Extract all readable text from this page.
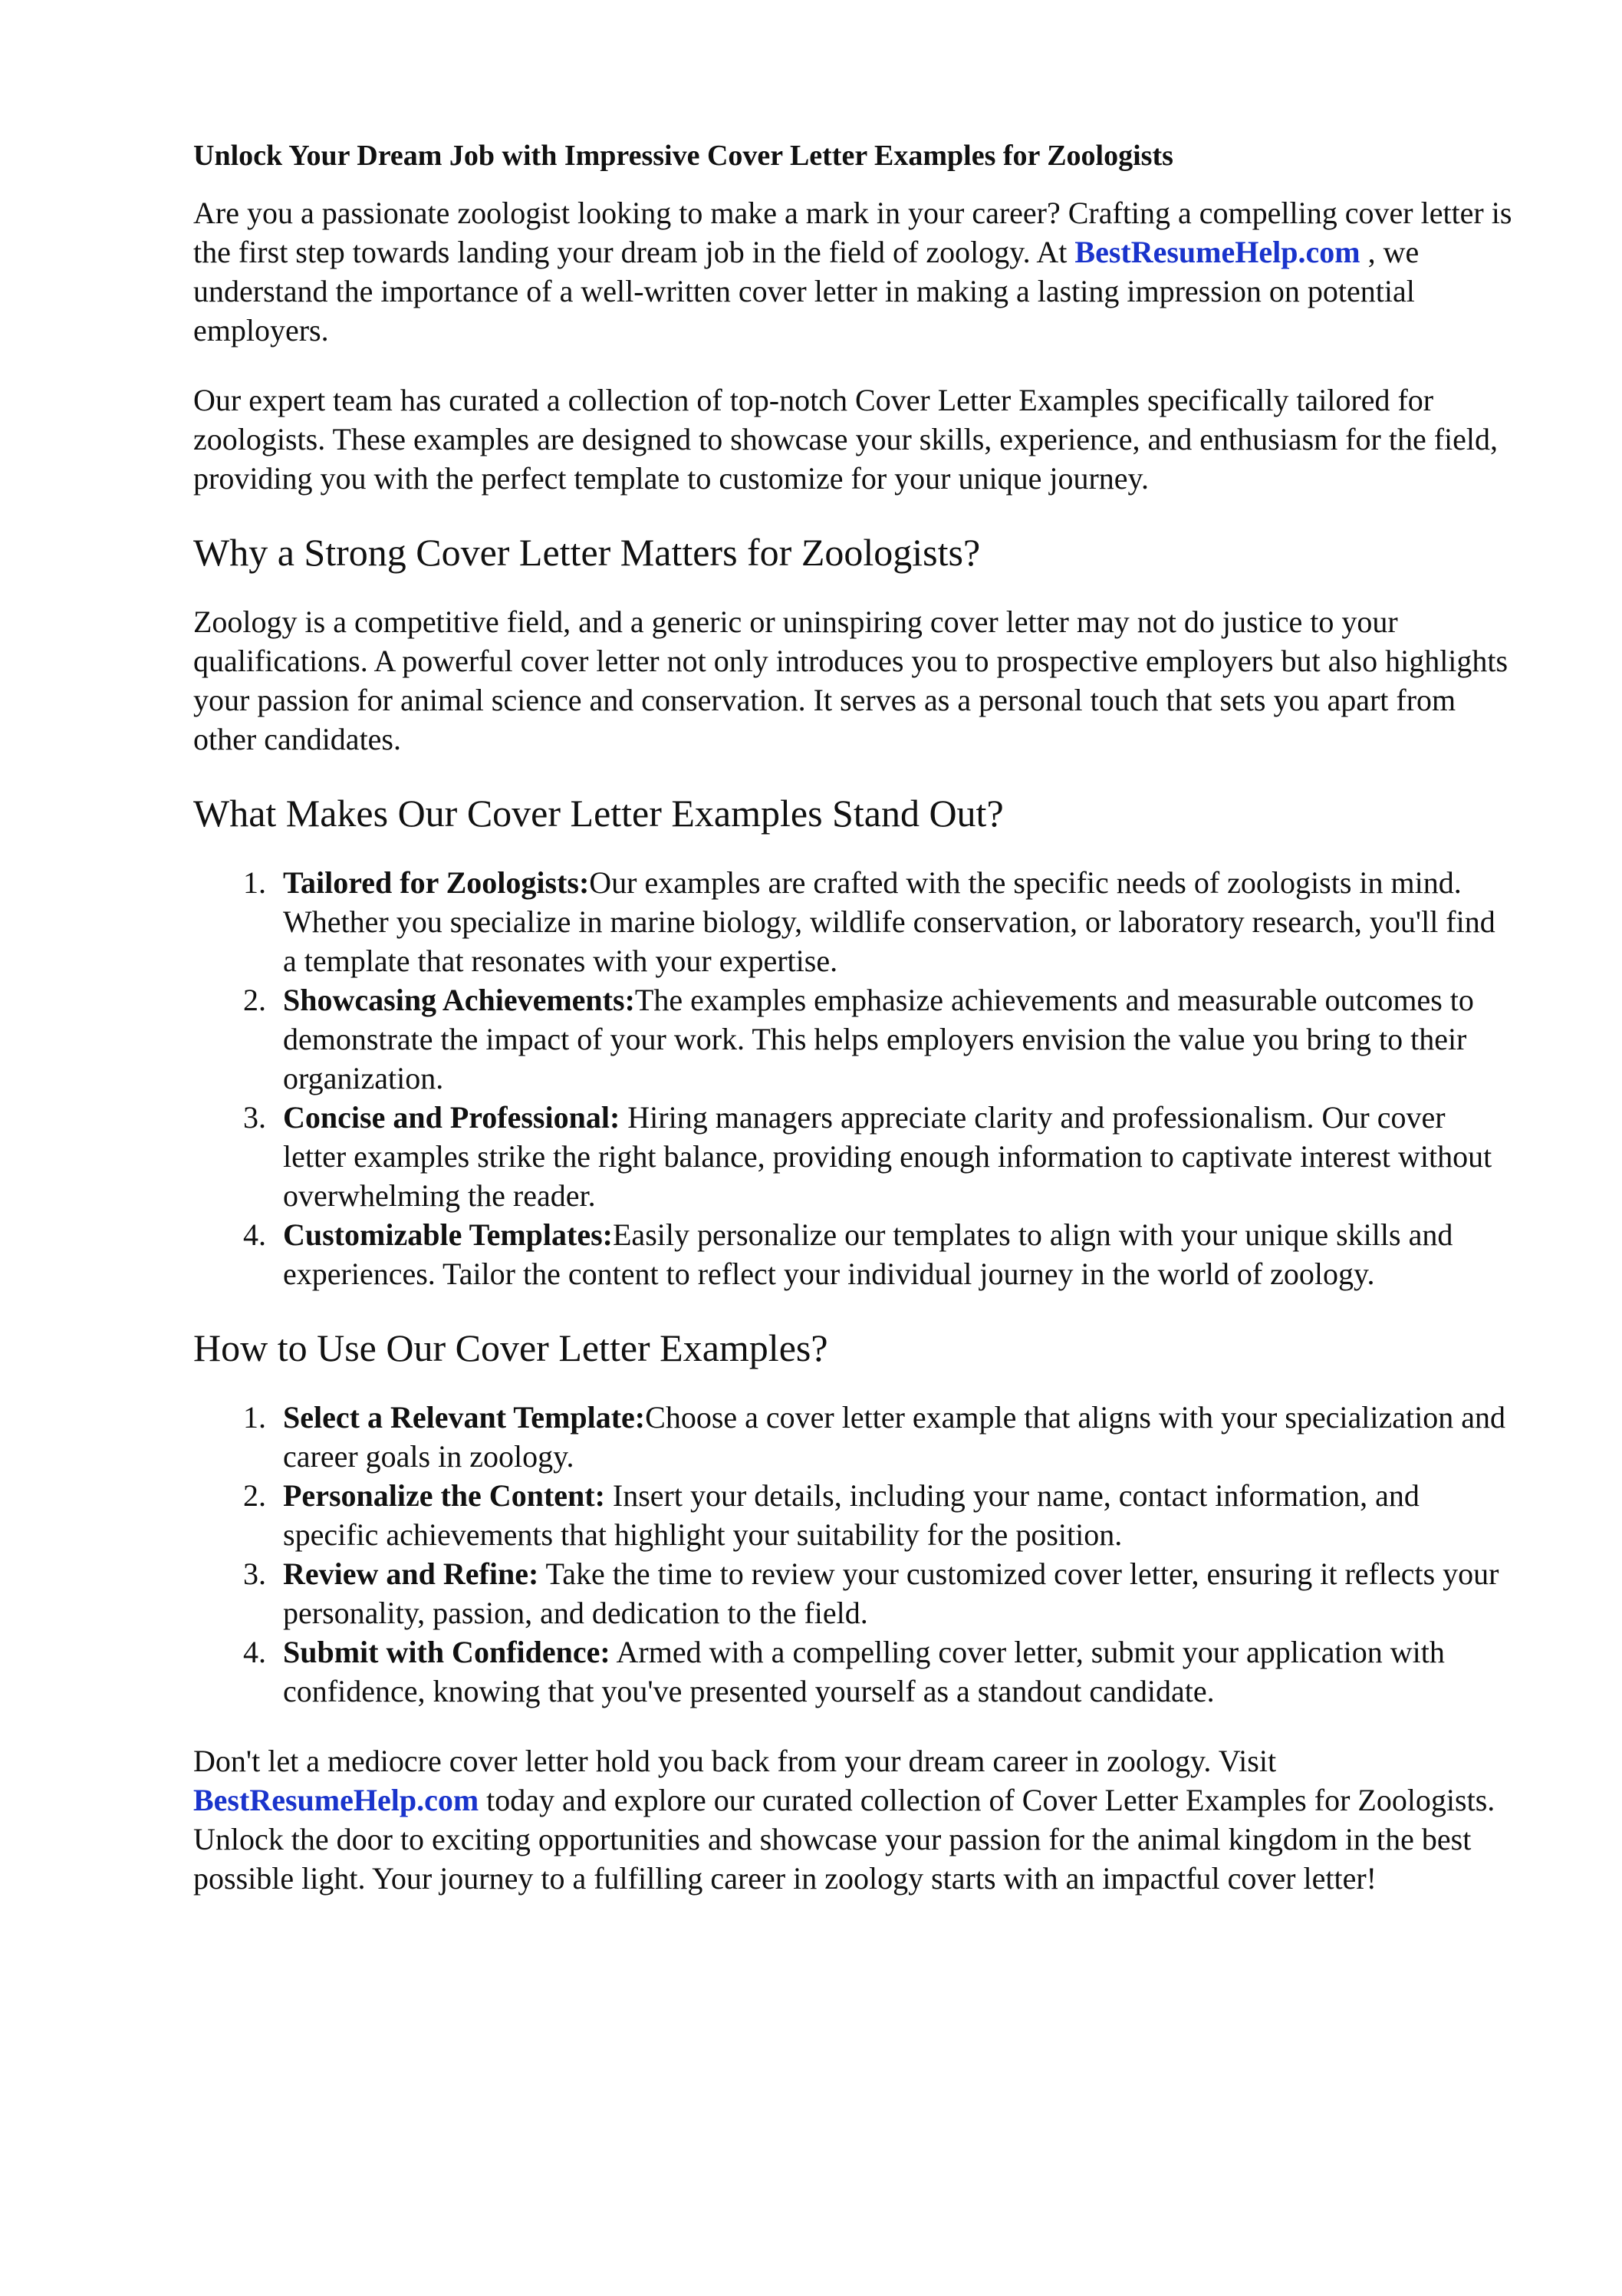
Unlock Your Dream Job with Impressive Cover Letter Examples for Zoologists

Are you a passionate zoologist looking to make a mark in your career? Crafting a compelling cover letter is the first step towards landing your dream job in the field of zoology. At BestResumeHelp.com , we understand the importance of a well-written cover letter in making a lasting impression on potential employers.

Our expert team has curated a collection of top-notch Cover Letter Examples specifically tailored for zoologists. These examples are designed to showcase your skills, experience, and enthusiasm for the field, providing you with the perfect template to customize for your unique journey.

Why a Strong Cover Letter Matters for Zoologists?

Zoology is a competitive field, and a generic or uninspiring cover letter may not do justice to your qualifications. A powerful cover letter not only introduces you to prospective employers but also highlights your passion for animal science and conservation. It serves as a personal touch that sets you apart from other candidates.

What Makes Our Cover Letter Examples Stand Out?
1. Tailored for Zoologists:Our examples are crafted with the specific needs of zoologists in mind. Whether you specialize in marine biology, wildlife conservation, or laboratory research, you'll find a template that resonates with your expertise.
2. Showcasing Achievements:The examples emphasize achievements and measurable outcomes to demonstrate the impact of your work. This helps employers envision the value you bring to their organization.
3. Concise and Professional: Hiring managers appreciate clarity and professionalism. Our cover letter examples strike the right balance, providing enough information to captivate interest without overwhelming the reader.
4. Customizable Templates:Easily personalize our templates to align with your unique skills and experiences. Tailor the content to reflect your individual journey in the world of zoology.
How to Use Our Cover Letter Examples?
1. Select a Relevant Template:Choose a cover letter example that aligns with your specialization and career goals in zoology.
2. Personalize the Content: Insert your details, including your name, contact information, and specific achievements that highlight your suitability for the position.
3. Review and Refine: Take the time to review your customized cover letter, ensuring it reflects your personality, passion, and dedication to the field.
4. Submit with Confidence: Armed with a compelling cover letter, submit your application with confidence, knowing that you've presented yourself as a standout candidate.

Don't let a mediocre cover letter hold you back from your dream career in zoology. Visit BestResumeHelp.com today and explore our curated collection of Cover Letter Examples for Zoologists. Unlock the door to exciting opportunities and showcase your passion for the animal kingdom in the best possible light. Your journey to a fulfilling career in zoology starts with an impactful cover letter!
